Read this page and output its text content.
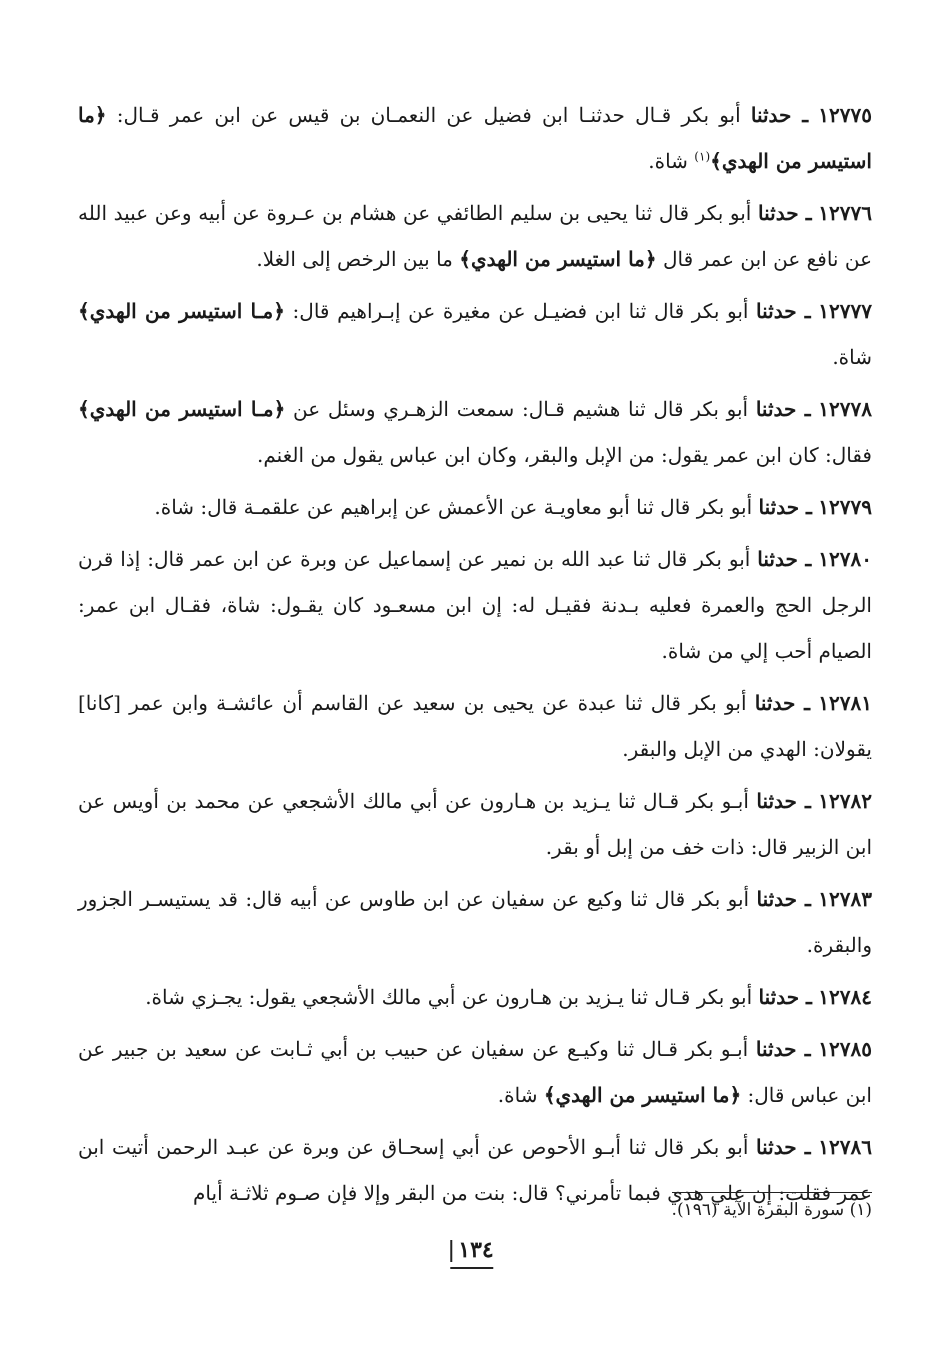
١٢٧٧٥ ـ حدثنا أبو بكر قـال حدثنـا ابن فضيل عن النعمـان بن قيس عن ابن عمر قـال: ﴿ما استيسر من الهدي﴾$^{(١)}$ شاة.

١٢٧٧٦ ـ حدثنا أبو بكر قال ثنا يحيى بن سليم الطائفي عن هشام بن عـروة عن أبيه وعن عبيد الله عن نافع عن ابن عمر قال ﴿ما استيسر من الهدي﴾ ما بين الرخص إلى الغلا.

١٢٧٧٧ ـ حدثنا أبو بكر قال ثنا ابن فضيـل عن مغيرة عن إبـراهيم قال: ﴿مـا استيسر من الهدي﴾ شاة.

١٢٧٧٨ ـ حدثنا أبو بكر قال ثنا هشيم قـال: سمعت الزهـري وسئل عن ﴿مـا استيسر من الهدي﴾ فقال: كان ابن عمر يقول: من الإبل والبقر، وكان ابن عباس يقول من الغنم.

١٢٧٧٩ ـ حدثنا أبو بكر قال ثنا أبو معاويـة عن الأعمش عن إبراهيم عن علقمـة قال: شاة.

١٢٧٨٠ ـ حدثنا أبو بكر قال ثنا عبد الله بن نمير عن إسماعيل عن وبرة عن ابن عمر قال: إذا قرن الرجل الحج والعمرة فعليه بـدنة فقيـل له: إن ابن مسعـود كان يقـول: شاة، فقـال ابن عمر: الصيام أحب إلي من شاة.

١٢٧٨١ ـ حدثنا أبو بكر قال ثنا عبدة عن يحيى بن سعيد عن القاسم أن عائشـة وابن عمر [كانا] يقولان: الهدي من الإبل والبقر.

١٢٧٨٢ ـ حدثنا أبـو بكر قـال ثنا يـزيد بن هـارون عن أبي مالك الأشجعي عن محمد بن أويس عن ابن الزبير قال: ذات خف من إبل أو بقر.

١٢٧٨٣ ـ حدثنا أبو بكر قال ثنا وكيع عن سفيان عن ابن طاوس عن أبيه قال: قد يستيسـر الجزور والبقرة.

١٢٧٨٤ ـ حدثنا أبو بكر قـال ثنا يـزيد بن هـارون عن أبي مالك الأشجعي يقول: يجـزي شاة.

١٢٧٨٥ ـ حدثنا أبـو بكر قـال ثنا وكيـع عن سفيان عن حبيب بن أبي ثـابت عن سعيد بن جبير عن ابن عباس قال: ﴿ما استيسر من الهدي﴾ شاة.

١٢٧٨٦ ـ حدثنا أبو بكر قال ثنا أبـو الأحوص عن أبي إسحـاق عن وبرة عن عبـد الرحمن أتيت ابن عمر فقلت: إن علي هدي فبما تأمرني؟ قال: بنت من البقر وإلا فإن صـوم ثلاثـة أيام

(١) سورة البقرة الآية (١٩٦).
١٣٤
